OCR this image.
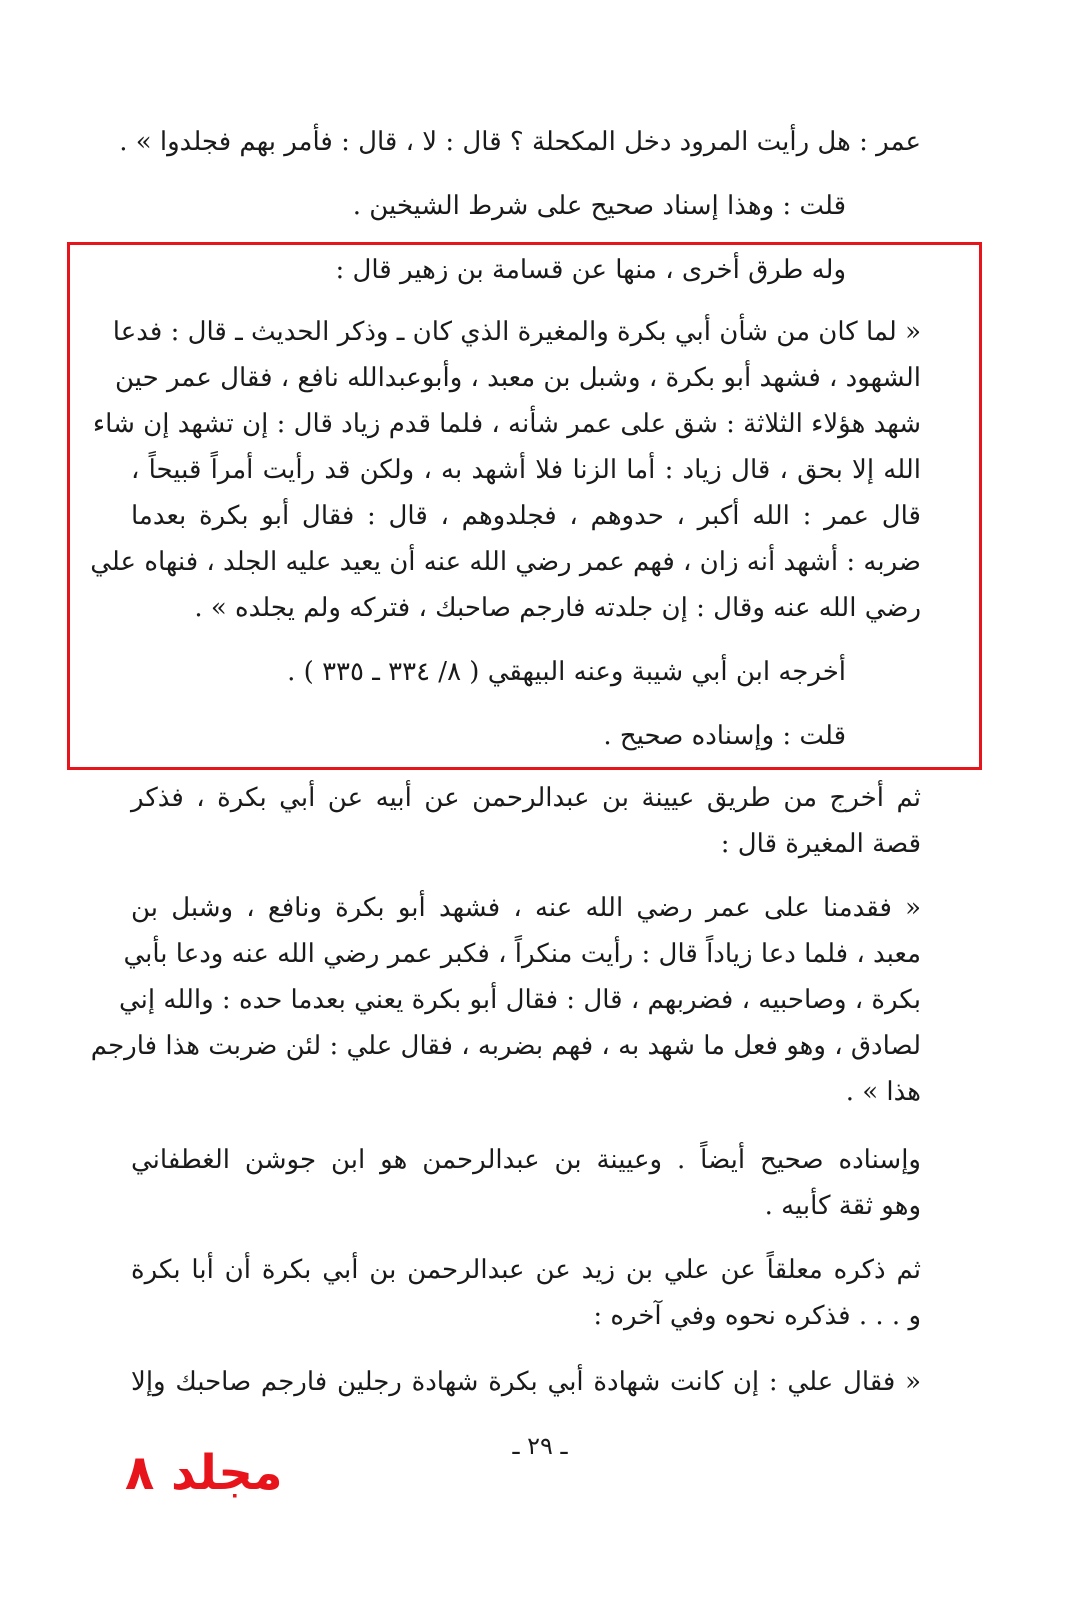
عمر : هل رأيت المرود دخل المكحلة ؟ قال : لا ، قال : فأمر بهم فجلدوا » .
قلت : وهذا إسناد صحيح على شرط الشيخين .
وله طرق أخرى ، منها عن قسامة بن زهير قال :
« لما كان من شأن أبي بكرة والمغيرة الذي كان ـ وذكر الحديث ـ قال : فدعا
الشهود ، فشهد أبو بكرة ، وشبل بن معبد ، وأبوعبدالله نافع ، فقال عمر حين
شهد هؤلاء الثلاثة : شق على عمر شأنه ، فلما قدم زياد قال : إن تشهد إن شاء
الله إلا بحق ، قال زياد : أما الزنا فلا أشهد به ، ولكن قد رأيت أمراً قبيحاً ،
قال عمر : الله أكبر ، حدوهم ، فجلدوهم ، قال : فقال أبو بكرة بعدما
ضربه : أشهد أنه زان ، فهم عمر رضي الله عنه أن يعيد عليه الجلد ، فنهاه علي
رضي الله عنه وقال : إن جلدته فارجم صاحبك ، فتركه ولم يجلده » .
أخرجه ابن أبي شيبة وعنه البيهقي ( ٨/ ٣٣٤ ـ ٣٣٥ ) .
قلت : وإسناده صحيح .
ثم أخرج من طريق عيينة بن عبدالرحمن عن أبيه عن أبي بكرة ، فذكر
قصة المغيرة قال :
« فقدمنا على عمر رضي الله عنه ، فشهد أبو بكرة ونافع ، وشبل بن
معبد ، فلما دعا زياداً قال : رأيت منكراً ، فكبر عمر رضي الله عنه ودعا بأبي
بكرة ، وصاحبيه ، فضربهم ، قال : فقال أبو بكرة يعني بعدما حده : والله إني
لصادق ، وهو فعل ما شهد به ، فهم بضربه ، فقال علي : لئن ضربت هذا فارجم
هذا » .
وإسناده صحيح أيضاً . وعيينة بن عبدالرحمن هو ابن جوشن الغطفاني
وهو ثقة كأبيه .
ثم ذكره معلقاً عن علي بن زيد عن عبدالرحمن بن أبي بكرة أن أبا بكرة
و . . . فذكره نحوه وفي آخره :
« فقال علي : إن كانت شهادة أبي بكرة شهادة رجلين فارجم صاحبك وإلا
ـ ٢٩ ـ
مجلد ٨
